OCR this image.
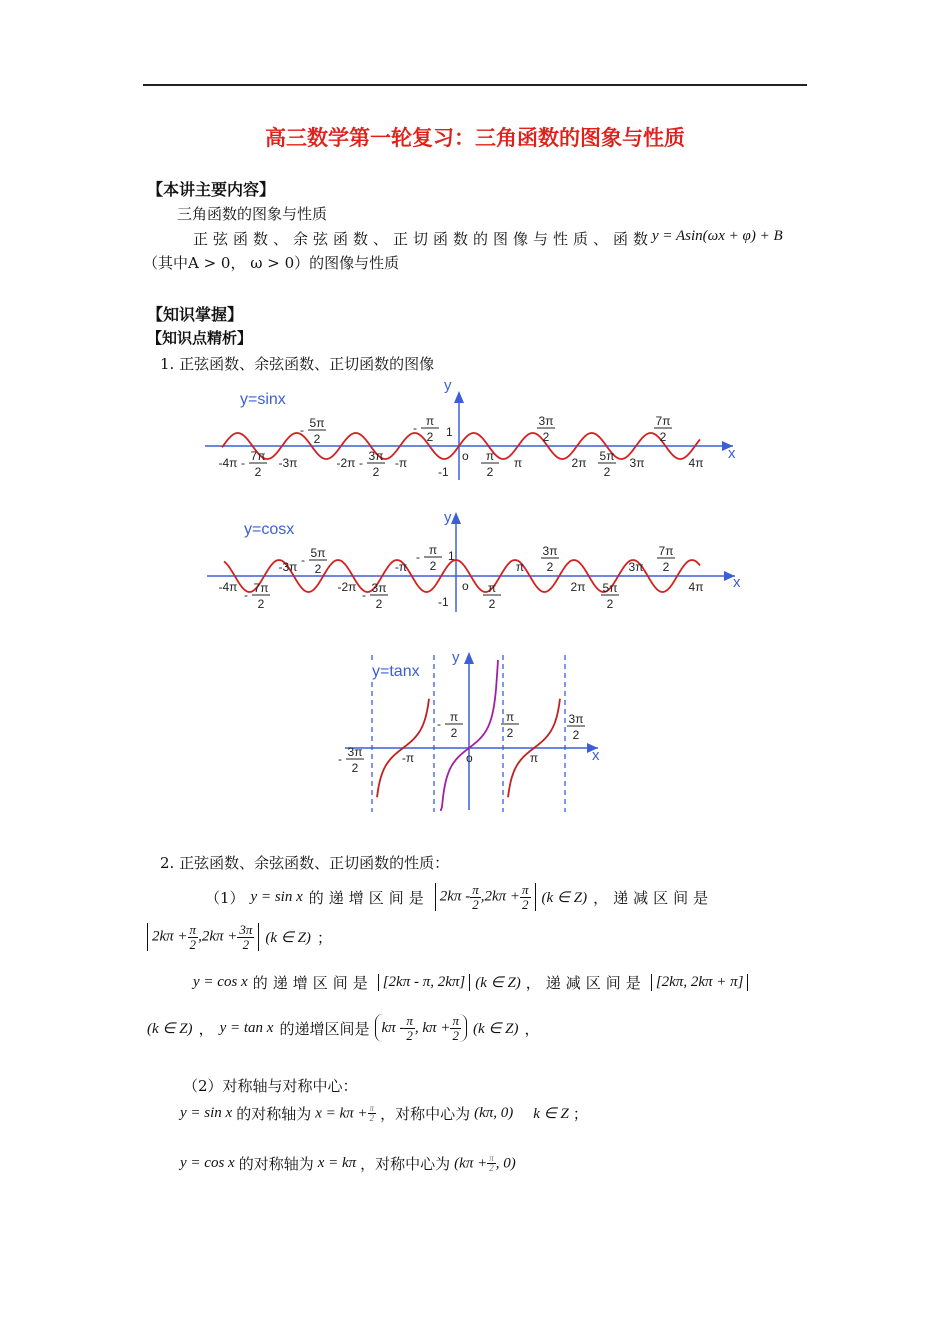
高三数学第一轮复习：三角函数的图象与性质
【本讲主要内容】
三角函数的图象与性质
正弦函数、余弦函数、正切函数的图像与性质、函数
y = Asin(ωx + φ) + B
（其中A > 0， ω > 0）的图像与性质
【知识掌握】
【知识点精析】
1. 正弦函数、余弦函数、正切函数的图像
y=sinx
x
y
o
1
-1
-4π	-3π	-2π	-π	π	2π	3π	4π
5π
2
-
7π
2
-	3π
2
-
π
2
-
π
2
3π
2
5π
2
7π
2
y=cosx
x
y
o
1
-1
-4π
-3π
-2π
-π	π
2π
3π
4π
5π
2
-
7π
2
-	3π
2
-
π
2
-
π
2
3π
2
5π
2
7π
2
y=tanx
x
y
o
-π	π
3π
2
-
π
2
-	π
2
3π
2
2. 正弦函数、余弦函数、正切函数的性质：
（1） y = sin x 的递增区间是 $2k\pi - \frac{\pi}{2} ,2k\pi + \frac{\pi}{2} (k$ ∈ Z) ，递减区间是
$2k\pi + \frac{\pi}{2} ,2k\pi + \frac{3\pi}{2} (k$ ∈ Z) ；
y = cos x 的递增区间是 [2kπ - π, 2kπ] (k ∈ Z) ，递减区间是 [2kπ, 2kπ + π]
(k ∈ Z) ， y = tan x 的递增区间是 kπ - $\frac{\pi}{2}$ , $k\pi + \frac{\pi}{2} (k$ ∈ Z) ，
（2）对称轴与对称中心：
y = sin x 的对称轴为 $x = k\pi + \frac{\pi}{2}$ ，对称中心为 (kπ, 0) k ∈ Z ；
y = cos x 的对称轴为 x = kπ ，对称中心为 ($k\pi + \frac{\pi}{2}$ , 0)
